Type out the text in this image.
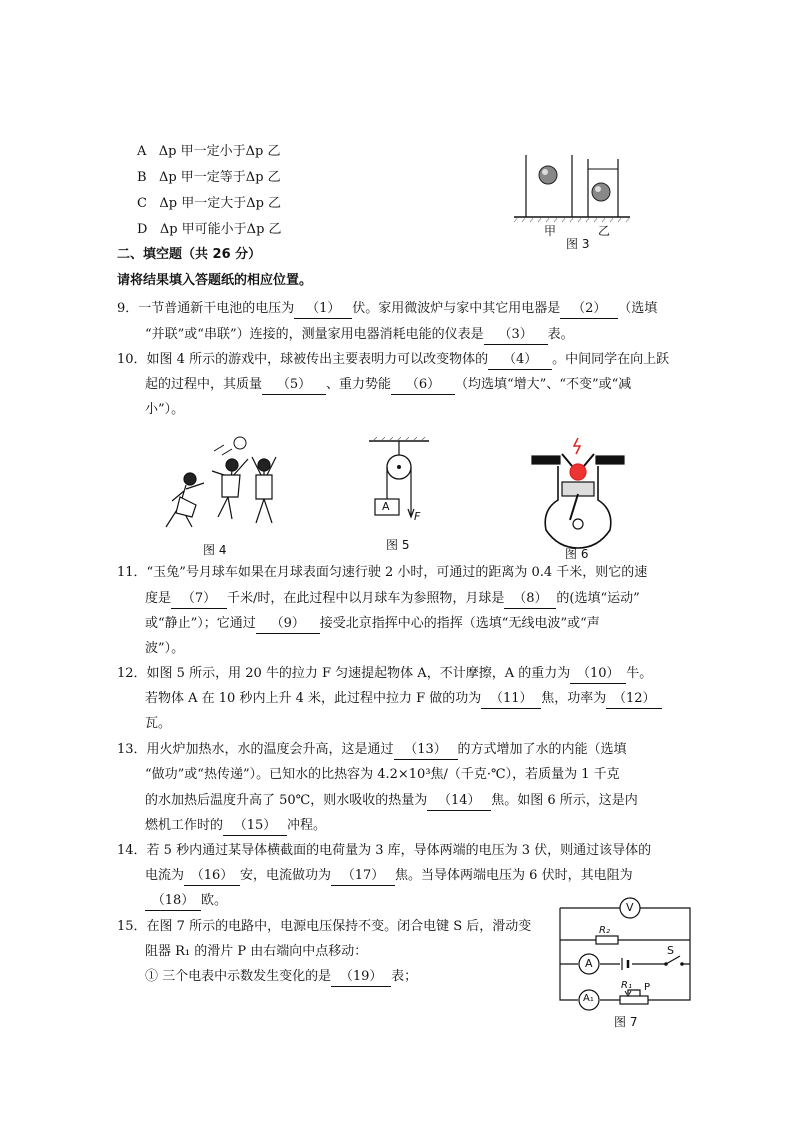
A Δp 甲一定小于Δp 乙
B Δp 甲一定等于Δp 乙
C Δp 甲一定大于Δp 乙
D Δp 甲可能小于Δp 乙	甲	乙
图 3
二、填空题（共 26 分）
请将结果填入答题纸的相应位置。
9．一节普通新干电池的电压为 （1） 伏。家用微波炉与家中其它用电器是 （2） （选填
“并联”或“串联”）连接的，测量家用电器消耗电能的仪表是 （3） 表。
10．如图 4 所示的游戏中，球被传出主要表明力可以改变物体的 （4） 。中间同学在向上跃
起的过程中，其质量 （5） 、重力势能 （6） （均选填“增大”、“不变”或“减
小”）。
图 4
A
F
图 5
图 6
11．“玉兔”号月球车如果在月球表面匀速行驶 2 小时，可通过的距离为 0.4 千米，则它的速
度是 （7） 千米/时，在此过程中以月球车为参照物，月球是 （8） 的(选填“运动”
或“静止”）；它通过 （9） 接受北京指挥中心的指挥（选填“无线电波”或“声
波”）。
12．如图 5 所示，用 20 牛的拉力 F 匀速提起物体 A，不计摩擦，A 的重力为 （10） 牛。
若物体 A 在 10 秒内上升 4 米，此过程中拉力 F 做的功为 （11） 焦，功率为 （12）
瓦。
13．用火炉加热水，水的温度会升高，这是通过 （13） 的方式增加了水的内能（选填
“做功”或“热传递”）。已知水的比热容为 4.2×10³焦/（千克·℃），若质量为 1 千克
的水加热后温度升高了 50℃，则水吸收的热量为 （14） 焦。如图 6 所示，这是内
燃机工作时的 （15） 冲程。
14．若 5 秒内通过某导体横截面的电荷量为 3 库，导体两端的电压为 3 伏，则通过该导体的
电流为 （16） 安，电流做功为 （17） 焦。当导体两端电压为 6 伏时，其电阻为
（18） 欧。
15．在图 7 所示的电路中，电源电压保持不变。闭合电键 S 后，滑动变
阻器 R₁ 的滑片 P 由右端向中点移动：
① 三个电表中示数发生变化的是 （19） 表；
V
R₂
A
S
A₁
R₁ P
图 7
